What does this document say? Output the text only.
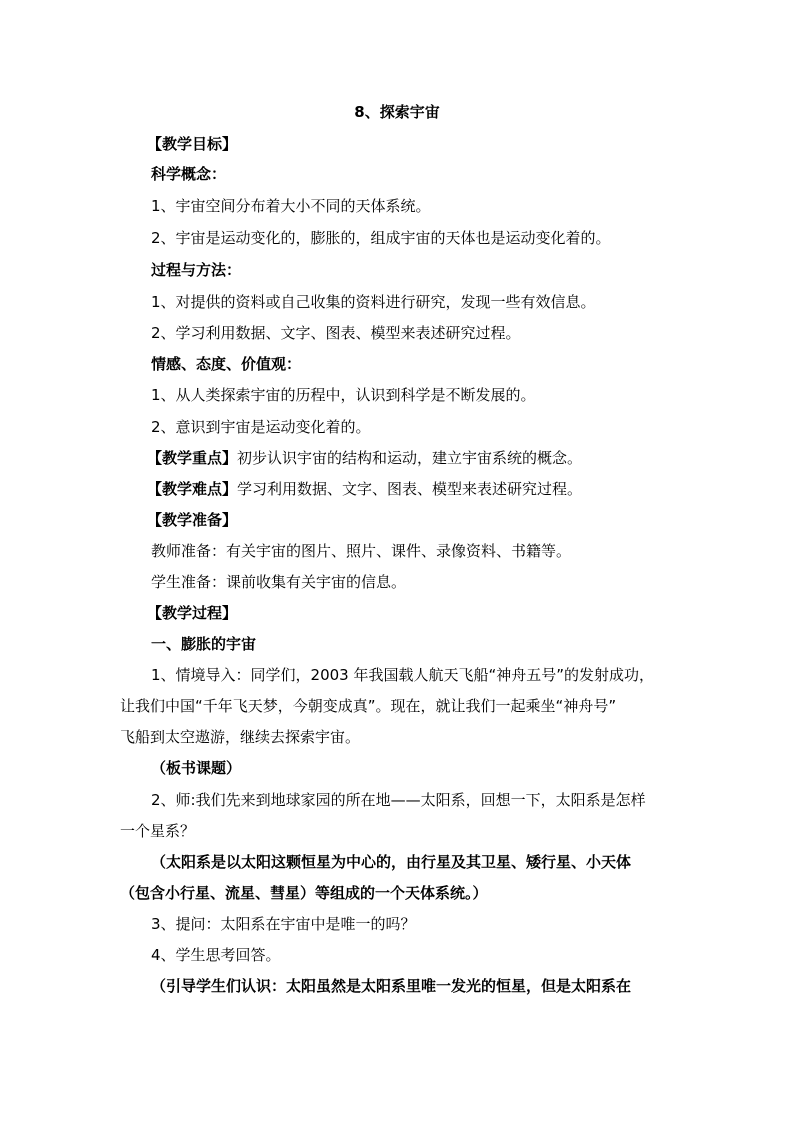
8、探索宇宙
【教学目标】
科学概念：
1、宇宙空间分布着大小不同的天体系统。
2、宇宙是运动变化的，膨胀的，组成宇宙的天体也是运动变化着的。
过程与方法：
1、对提供的资料或自己收集的资料进行研究，发现一些有效信息。
2、学习利用数据、文字、图表、模型来表述研究过程。
情感、态度、价值观：
1、从人类探索宇宙的历程中，认识到科学是不断发展的。
2、意识到宇宙是运动变化着的。
【教学重点】初步认识宇宙的结构和运动，建立宇宙系统的概念。
【教学难点】学习利用数据、文字、图表、模型来表述研究过程。
【教学准备】
教师准备：有关宇宙的图片、照片、课件、录像资料、书籍等。
学生准备：课前收集有关宇宙的信息。
【教学过程】
一、膨胀的宇宙
1、情境导入：同学们，2003 年我国载人航天飞船“神舟五号”的发射成功，
让我们中国“千年飞天梦，今朝变成真”。现在，就让我们一起乘坐“神舟号”
飞船到太空遨游，继续去探索宇宙。
（板书课题）
2、师:我们先来到地球家园的所在地——太阳系，回想一下，太阳系是怎样
一个星系？
（太阳系是以太阳这颗恒星为中心的，由行星及其卫星、矮行星、小天体
（包含小行星、流星、彗星）等组成的一个天体系统。）
3、提问：太阳系在宇宙中是唯一的吗？
4、学生思考回答。
（引导学生们认识：太阳虽然是太阳系里唯一发光的恒星，但是太阳系在
